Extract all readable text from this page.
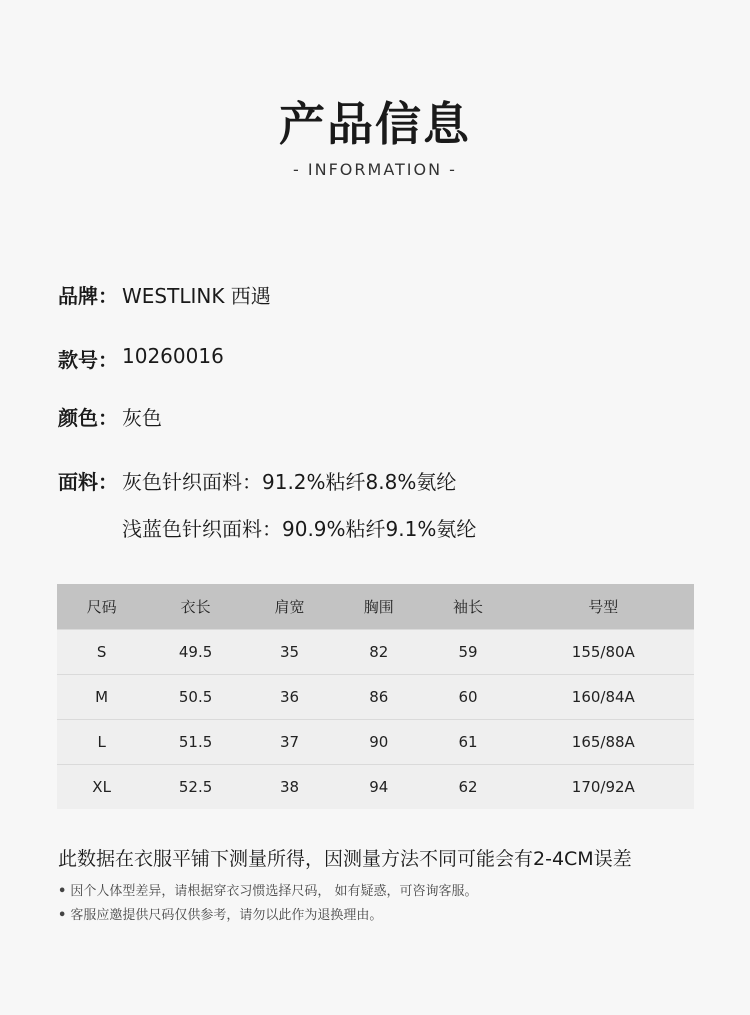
产品信息
- INFORMATION -
品牌： WESTLINK 西遇
款号： 10260016
颜色： 灰色
面料： 灰色针织面料：91.2%粘纤8.8%氨纶
浅蓝色针织面料：90.9%粘纤9.1%氨纶
尺码	衣长	肩宽	胸围	袖长	号型
S	49.5	35	82	59	155/80A
M	50.5	36	86	60	160/84A
L	51.5	37	90	61	165/88A
XL	52.5	38	94	62	170/92A
此数据在衣服平铺下测量所得，因测量方法不同可能会有2-4CM误差
• 因个人体型差异，请根据穿衣习惯选择尺码， 如有疑惑，可咨询客服。
• 客服应邀提供尺码仅供参考，请勿以此作为退换理由。
